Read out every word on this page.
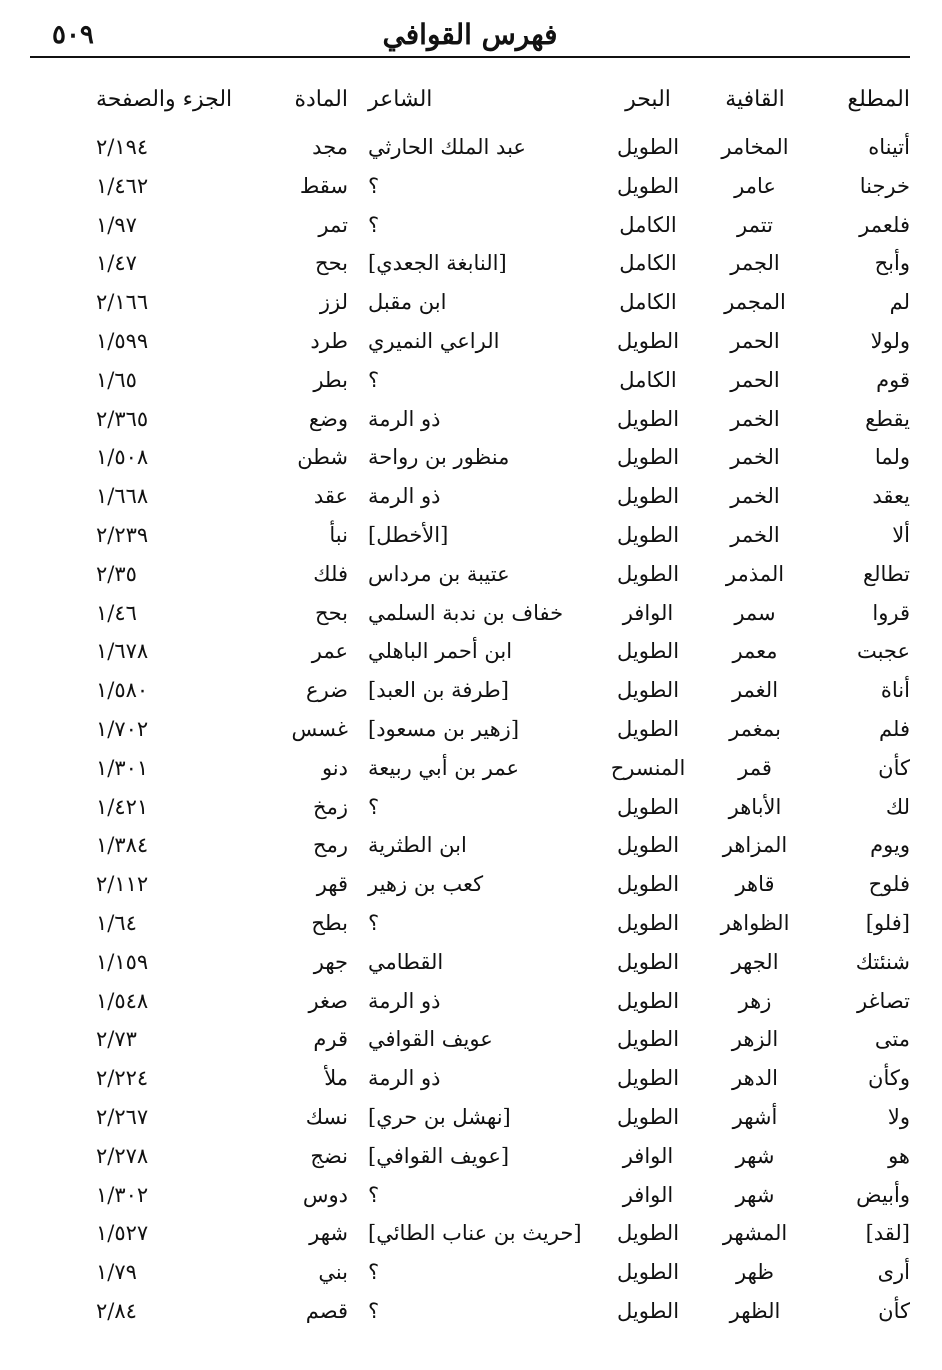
فهرس القوافي
٥٠٩
المطلع	القافية	البحر	الشاعر	المادة	الجزء والصفحة
أتيناه	المخامر	الطويل	عبد الملك الحارثي	مجد	٢/١٩٤
خرجنا	عامر	الطويل	؟	سقط	١/٤٦٢
فلعمر	تتمر	الكامل	؟	تمر	١/٩٧
وأبح	الجمر	الكامل	[النابغة الجعدي]	بحح	١/٤٧
لم	المجمر	الكامل	ابن مقبل	لزز	٢/١٦٦
ولولا	الحمر	الطويل	الراعي النميري	طرد	١/٥٩٩
قوم	الحمر	الكامل	؟	بطر	١/٦٥
يقطع	الخمر	الطويل	ذو الرمة	وضع	٢/٣٦٥
ولما	الخمر	الطويل	منظور بن رواحة	شطن	١/٥٠٨
يعقد	الخمر	الطويل	ذو الرمة	عقد	١/٦٦٨
ألا	الخمر	الطويل	[الأخطل]	نبأ	٢/٢٣٩
تطالع	المذمر	الطويل	عتيبة بن مرداس	فلك	٢/٣٥
قروا	سمر	الوافر	خفاف بن ندبة السلمي	بحح	١/٤٦
عجبت	معمر	الطويل	ابن أحمر الباهلي	عمر	١/٦٧٨
أناة	الغمر	الطويل	[طرفة بن العبد]	ضرع	١/٥٨٠
فلم	بمغمر	الطويل	[زهير بن مسعود]	غسس	١/٧٠٢
كأن	قمر	المنسرح	عمر بن أبي ربيعة	دنو	١/٣٠١
لك	الأباهر	الطويل	؟	زمخ	١/٤٢١
ويوم	المزاهر	الطويل	ابن الطثرية	رمح	١/٣٨٤
فلوح	قاهر	الطويل	كعب بن زهير	قهر	٢/١١٢
[فلو]	الظواهر	الطويل	؟	بطح	١/٦٤
شنئتك	الجهر	الطويل	القطامي	جهر	١/١٥٩
تصاغر	زهر	الطويل	ذو الرمة	صغر	١/٥٤٨
متى	الزهر	الطويل	عويف القوافي	قرم	٢/٧٣
وكأن	الدهر	الطويل	ذو الرمة	ملأ	٢/٢٢٤
ولا	أشهر	الطويل	[نهشل بن حري]	نسك	٢/٢٦٧
هو	شهر	الوافر	[عويف القوافي]	نضج	٢/٢٧٨
وأبيض	شهر	الوافر	؟	دوس	١/٣٠٢
[لقد]	المشهر	الطويل	[حريث بن عناب الطائي]	شهر	١/٥٢٧
أرى	ظهر	الطويل	؟	بني	١/٧٩
كأن	الظهر	الطويل	؟	قصم	٢/٨٤
